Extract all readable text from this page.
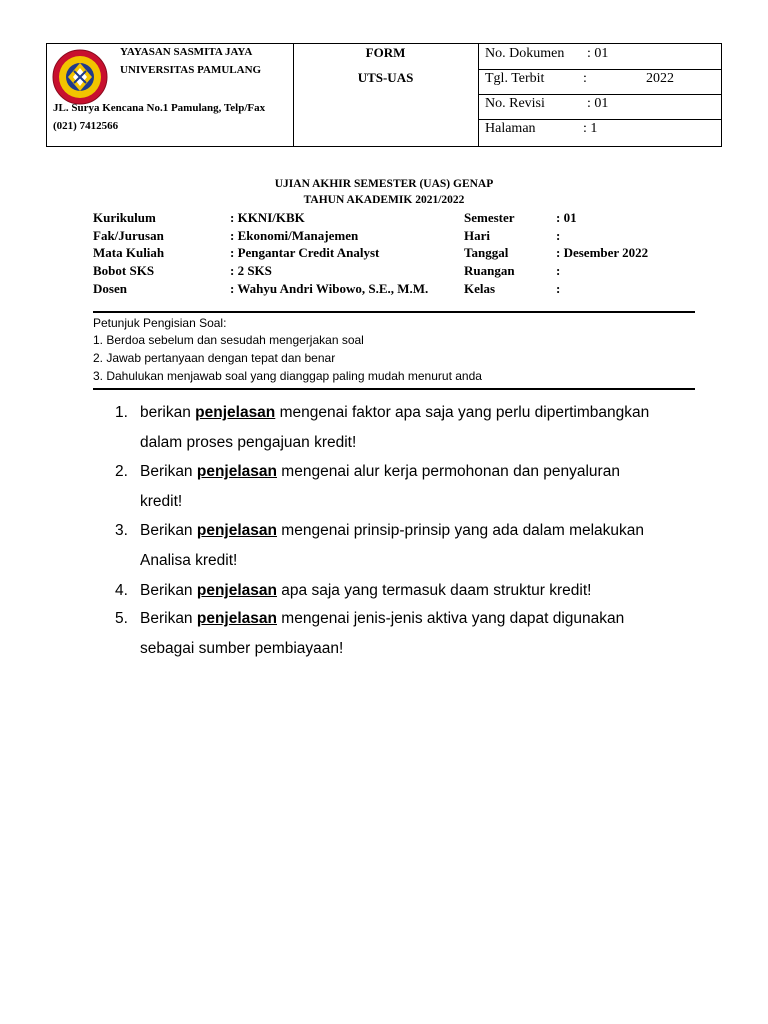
YAYASAN SASMITA JAYA
UNIVERSITAS PAMULANG
JL. Surya Kencana No.1 Pamulang, Telp/Fax
(021) 7412566
FORM
UTS-UAS
No. Dokumen : 01
Tgl. Terbit	:	2022
No. Revisi	: 01
Halaman	: 1
UJIAN AKHIR SEMESTER (UAS) GENAP
TAHUN AKADEMIK 2021/2022
Kurikulum	: KKNI/KBK	Semester	: 01
Fak/Jurusan	: Ekonomi/Manajemen	Hari	:
Mata Kuliah	: Pengantar Credit Analyst	Tanggal	: Desember 2022
Bobot SKS	: 2 SKS	Ruangan	:
Dosen	: Wahyu Andri Wibowo, S.E., M.M.	Kelas	:
Petunjuk Pengisian Soal:
1. Berdoa sebelum dan sesudah mengerjakan soal
2. Jawab pertanyaan dengan tepat dan benar
3. Dahulukan menjawab soal yang dianggap paling mudah menurut anda
1. berikan penjelasan mengenai faktor apa saja yang perlu dipertimbangkan
dalam proses pengajuan kredit!
2. Berikan penjelasan mengenai alur kerja permohonan dan penyaluran
kredit!
3. Berikan penjelasan mengenai prinsip-prinsip yang ada dalam melakukan
Analisa kredit!
4. Berikan penjelasan apa saja yang termasuk daam struktur kredit!
5. Berikan penjelasan mengenai jenis-jenis aktiva yang dapat digunakan
sebagai sumber pembiayaan!
